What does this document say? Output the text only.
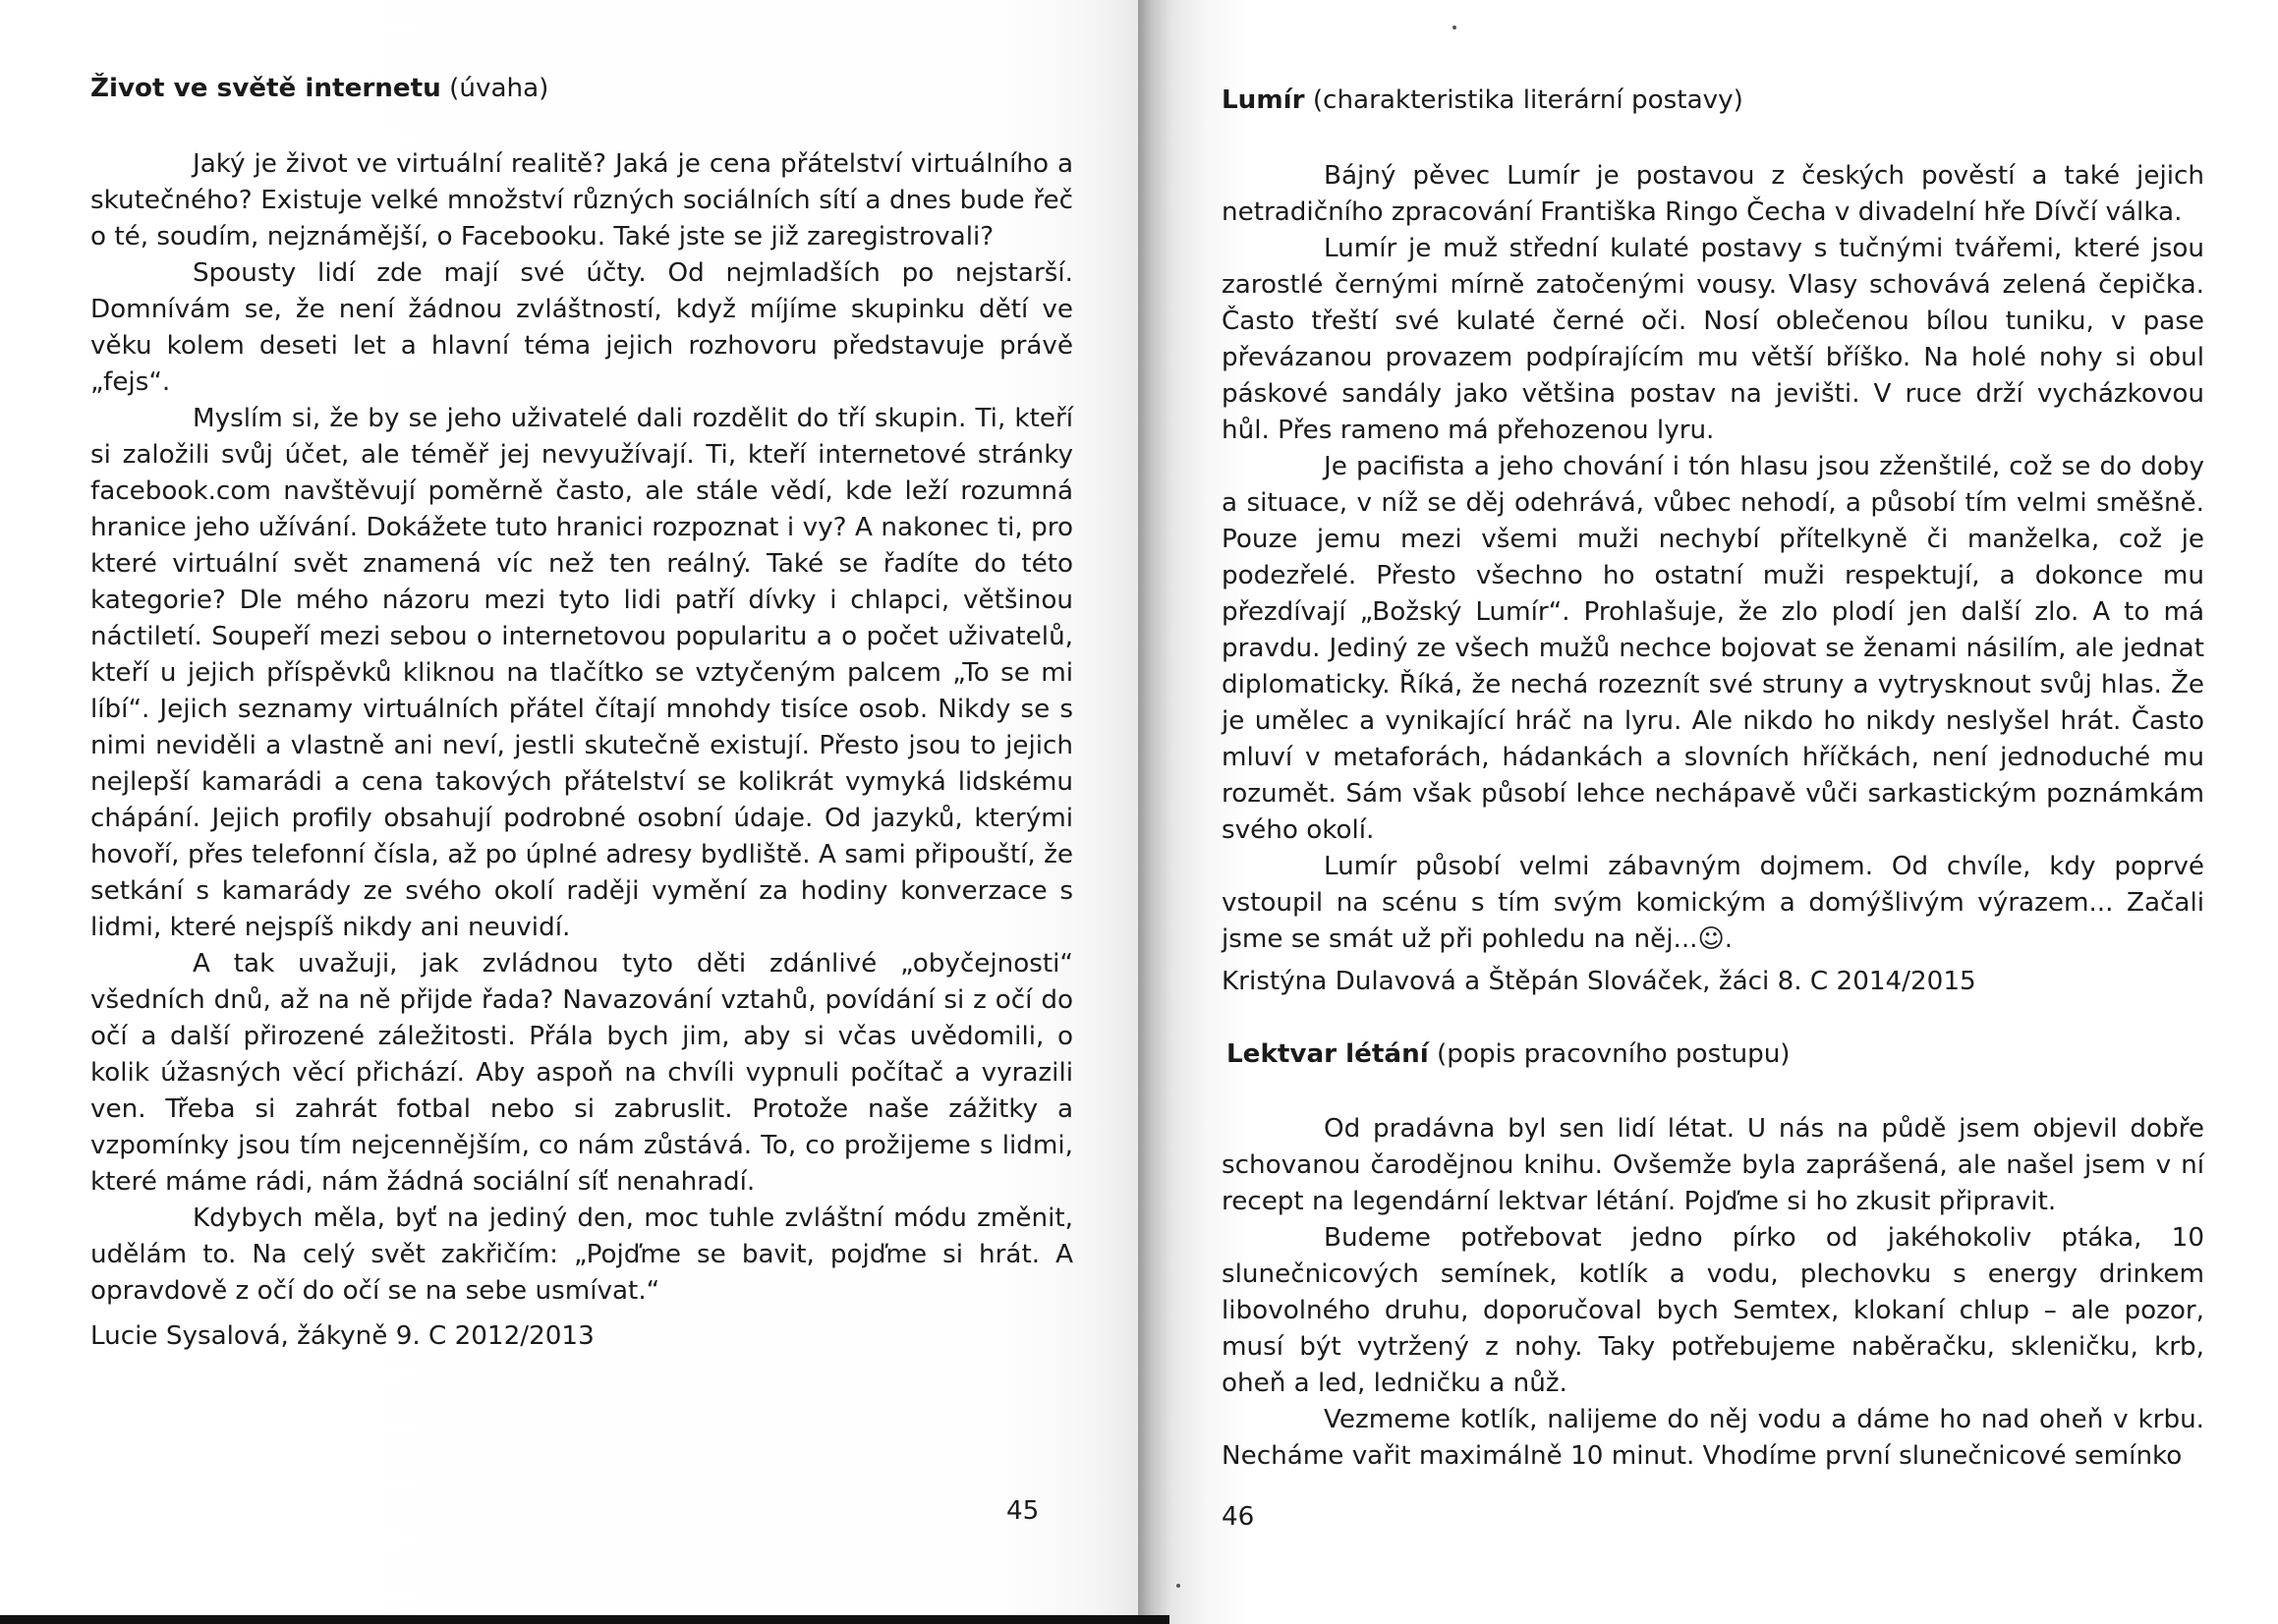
Život ve světě internetu (úvaha)

Jaký je život ve virtuální realitě? Jaká je cena přátelství virtuálního a skutečného? Existuje velké množství různých sociálních sítí a dnes bude řeč o té, soudím, nejznámější, o Facebooku. Také jste se již zaregistrovali?

Spousty lidí zde mají své účty. Od nejmladších po nejstarší. Domnívám se, že není žádnou zvláštností, když míjíme skupinku dětí ve věku kolem deseti let a hlavní téma jejich rozhovoru představuje právě „fejs“.

Myslím si, že by se jeho uživatelé dali rozdělit do tří skupin. Ti, kteří si založili svůj účet, ale téměř jej nevyužívají. Ti, kteří internetové stránky facebook.com navštěvují poměrně často, ale stále vědí, kde leží rozumná hranice jeho užívání. Dokážete tuto hranici rozpoznat i vy? A nakonec ti, pro které virtuální svět znamená víc než ten reálný. Také se řadíte do této kategorie? Dle mého názoru mezi tyto lidi patří dívky i chlapci, většinou náctiletí. Soupeří mezi sebou o internetovou popularitu a o počet uživatelů, kteří u jejich příspěvků kliknou na tlačítko se vztyčeným palcem „To se mi líbí“. Jejich seznamy virtuálních přátel čítají mnohdy tisíce osob. Nikdy se s nimi neviděli a vlastně ani neví, jestli skutečně existují. Přesto jsou to jejich nejlepší kamarádi a cena takových přátelství se kolikrát vymyká lidskému chápání. Jejich profily obsahují podrobné osobní údaje. Od jazyků, kterými hovoří, přes telefonní čísla, až po úplné adresy bydliště. A sami připouští, že setkání s kamarády ze svého okolí raději vymění za hodiny konverzace s lidmi, které nejspíš nikdy ani neuvidí.

A tak uvažuji, jak zvládnou tyto děti zdánlivé „obyčejnosti“ všedních dnů, až na ně přijde řada? Navazování vztahů, povídání si z očí do očí a další přirozené záležitosti. Přála bych jim, aby si včas uvědomili, o kolik úžasných věcí přichází. Aby aspoň na chvíli vypnuli počítač a vyrazili ven. Třeba si zahrát fotbal nebo si zabruslit. Protože naše zážitky a vzpomínky jsou tím nejcennějším, co nám zůstává. To, co prožijeme s lidmi, které máme rádi, nám žádná sociální síť nenahradí.

Kdybych měla, byť na jediný den, moc tuhle zvláštní módu změnit, udělám to. Na celý svět zakřičím: „Pojďme se bavit, pojďme si hrát. A opravdově z očí do očí se na sebe usmívat.“

Lucie Sysalová, žákyně 9. C 2012/2013
45
Lumír (charakteristika literární postavy)

Bájný pěvec Lumír je postavou z českých pověstí a také jejich netradičního zpracování Františka Ringo Čecha v divadelní hře Dívčí válka.

Lumír je muž střední kulaté postavy s tučnými tvářemi, které jsou zarostlé černými mírně zatočenými vousy. Vlasy schovává zelená čepička. Často třeští své kulaté černé oči. Nosí oblečenou bílou tuniku, v pase převázanou provazem podpírajícím mu větší bříško. Na holé nohy si obul páskové sandály jako většina postav na jevišti. V ruce drží vycházkovou hůl. Přes rameno má přehozenou lyru.

Je pacifista a jeho chování i tón hlasu jsou zženštilé, což se do doby a situace, v níž se děj odehrává, vůbec nehodí, a působí tím velmi směšně. Pouze jemu mezi všemi muži nechybí přítelkyně či manželka, což je podezřelé. Přesto všechno ho ostatní muži respektují, a dokonce mu přezdívají „Božský Lumír“. Prohlašuje, že zlo plodí jen další zlo. A to má pravdu. Jediný ze všech mužů nechce bojovat se ženami násilím, ale jednat diplomaticky. Říká, že nechá rozeznít své struny a vytrysknout svůj hlas. Že je umělec a vynikající hráč na lyru. Ale nikdo ho nikdy neslyšel hrát. Často mluví v metaforách, hádankách a slovních hříčkách, není jednoduché mu rozumět. Sám však působí lehce nechápavě vůči sarkastickým poznámkám svého okolí.

Lumír působí velmi zábavným dojmem. Od chvíle, kdy poprvé vstoupil na scénu s tím svým komickým a domýšlivým výrazem... Začali jsme se smát už při pohledu na něj...☺.

Kristýna Dulavová a Štěpán Slováček, žáci 8. C 2014/2015
Lektvar létání (popis pracovního postupu)

Od pradávna byl sen lidí létat. U nás na půdě jsem objevil dobře schovanou čarodějnou knihu. Ovšemže byla zaprášená, ale našel jsem v ní recept na legendární lektvar létání. Pojďme si ho zkusit připravit.

Budeme potřebovat jedno pírko od jakéhokoliv ptáka, 10 slunečnicových semínek, kotlík a vodu, plechovku s energy drinkem libovolného druhu, doporučoval bych Semtex, klokaní chlup – ale pozor, musí být vytržený z nohy. Taky potřebujeme naběračku, skleničku, krb, oheň a led, ledničku a nůž.

Vezmeme kotlík, nalijeme do něj vodu a dáme ho nad oheň v krbu. Necháme vařit maximálně 10 minut. Vhodíme první slunečnicové semínko

46
